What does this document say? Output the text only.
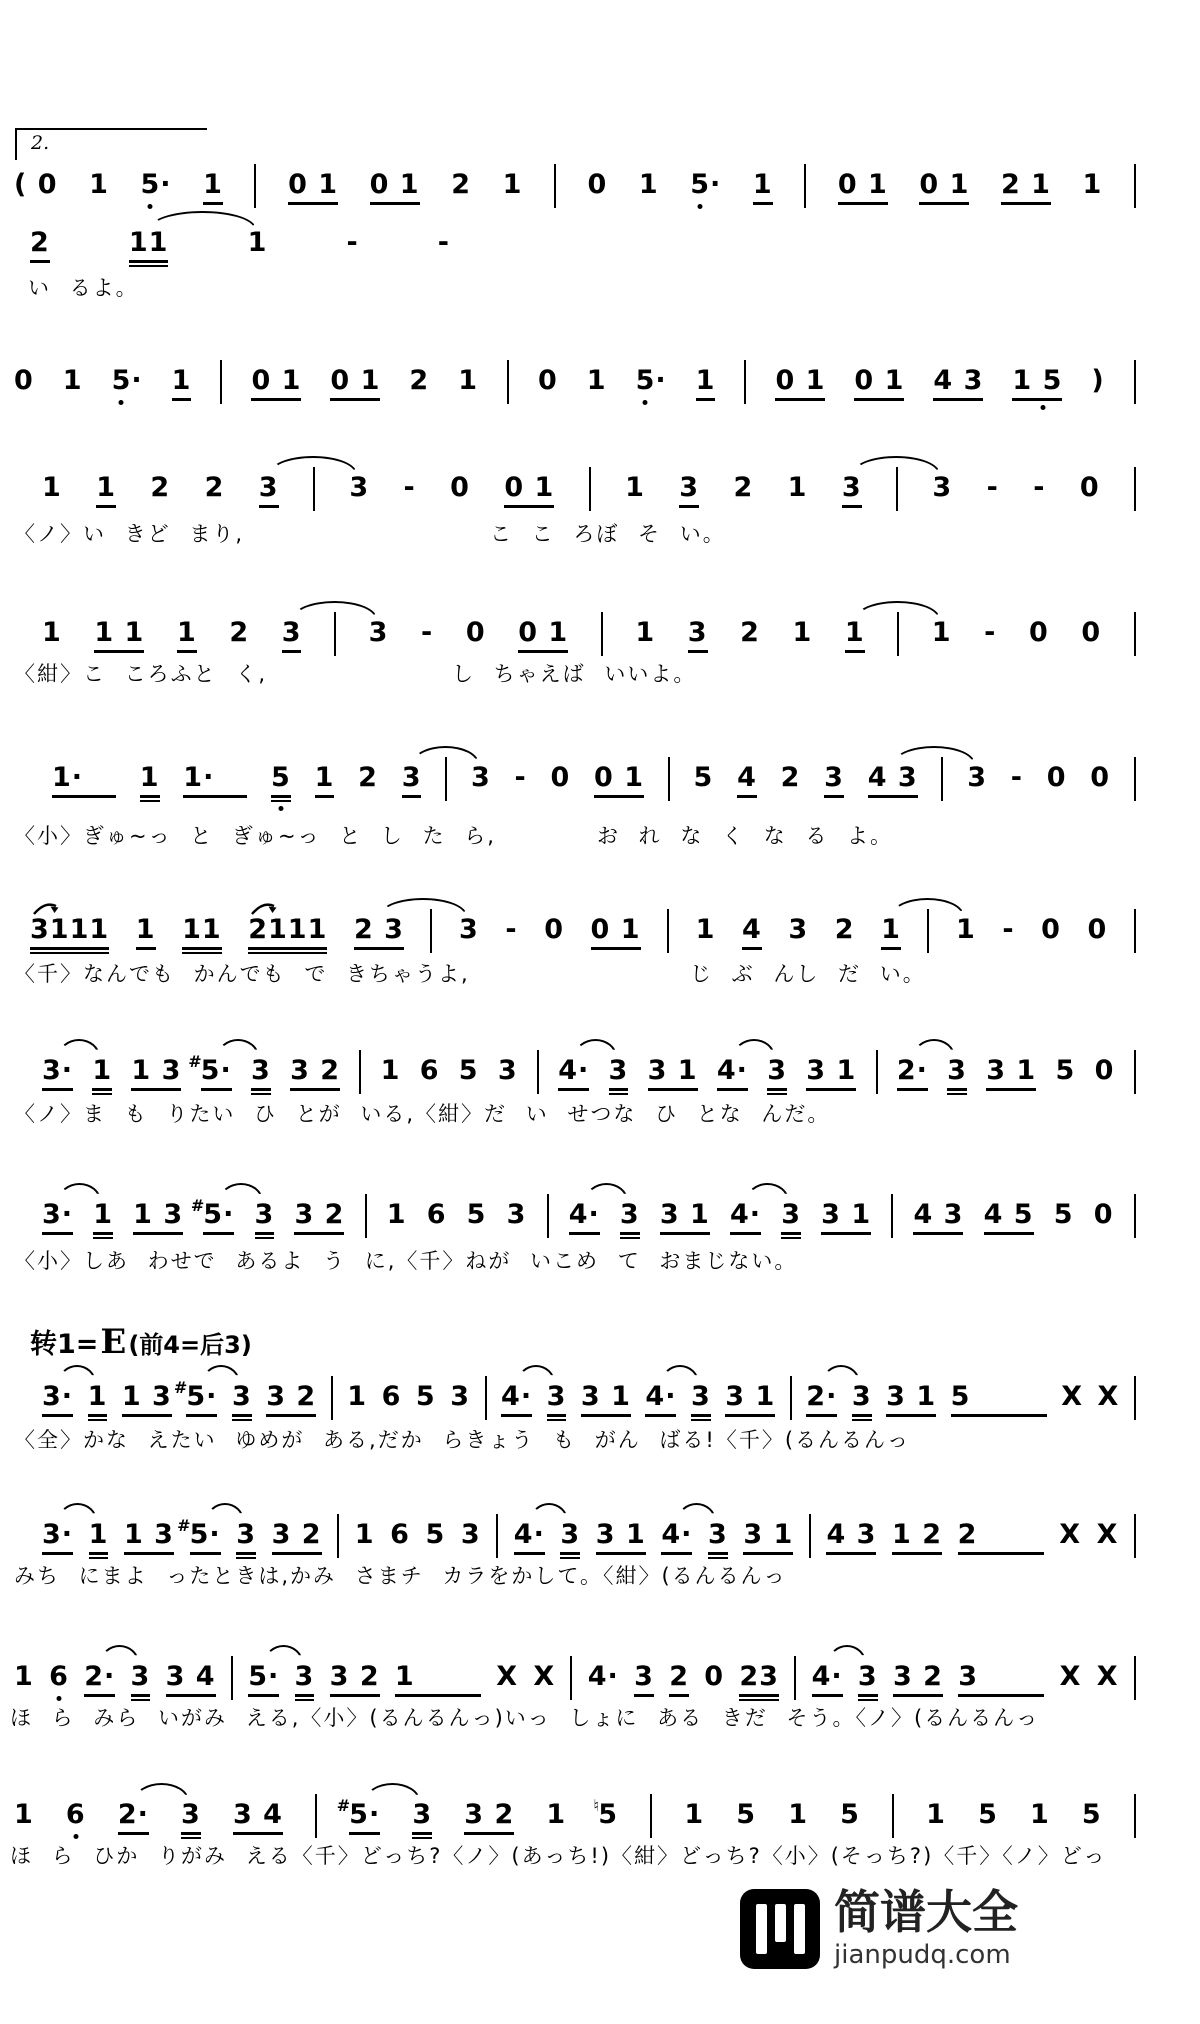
2.
转1=E(前4=后3)
简谱大全
jianpudq.com
( 0 1 5· 1 0 1 0 1 2 1 0 1 5· 1 0 1 0 1 2 1 1
2	11	1	-	-
い るよ。
0 1 5· 1 0 1 0 1 2 1 0 1 5· 1 0 1 0 1 4 3 1 5 )
1 1 2 2 3	3 - 0 0 1	1 3 2 1 3	3 - - 0
〈ノ〉い きど まり,	こ こ ろぼ そ い。
1 1 1 1 2 3 3 - 0 0 1 1 3 2 1 1 1 - 0 0
〈紺〉こ ころふと く,	し ちゃえば いいよ。
1·	1 1·	5 1 2 3 3 - 0 0 1 5 4 2 3 4 3 3 - 0 0
〈小〉ぎゅ~っ と ぎゅ~っ と し た ら,	お れ な く な る よ。
3111 1 11 2111 2 3 3 - 0 0 1 1 4 3 2 1 1 - 0 0
〈千〉なんでも かんでも で きちゃうよ,	じ ぶ んし だ い。
3· 1 1 3 5·
# 3 3 2 1 6 5 3 4· 3 3 1 4· 3 3 1 2· 3 3 1 5 0
〈ノ〉ま も りたい ひ とが いる,〈紺〉だ い せつな ひ とな んだ。
3· 1 1 3 5·
# 3 3 2 1 6 5 3 4· 3 3 1 4· 3 3 1 4 3 4 5 5 0
〈小〉しあ わせで あるよ う に,〈千〉ねが いこめ て おまじない。
3· 1 1 3 5·
# 3 3 2 1 6 5 3 4· 3 3 1 4· 3 3 1 2· 3 3 1 5	X X
〈全〉かな えたい ゆめが ある,だか らきょう も がん ばる!〈千〉(るんるんっ
3· 1 1 3 5·
# 3 3 2 1 6 5 3 4· 3 3 1 4· 3 3 1 4 3 1 2 2	X X
みち にまよ ったときは,かみ さまチ カラをかして。〈紺〉(るんるんっ
1 6 2· 3 3 4 5· 3 3 2 1	X X 4· 3 2 0 23 4· 3 3 2 3	X X
ほ ら みら いがみ える,〈小〉(るんるんっ)いっ しょに ある きだ そう。〈ノ〉(るんるんっ
1 6 2· 3 3 4 5·
# 3 3 2 1 5
♮	1 5 1 5 1 5 1 5
ほ ら ひか りがみ える〈千〉どっち?〈ノ〉(あっち!)〈紺〉どっち?〈小〉(そっち?)〈千〉〈ノ〉どっ
